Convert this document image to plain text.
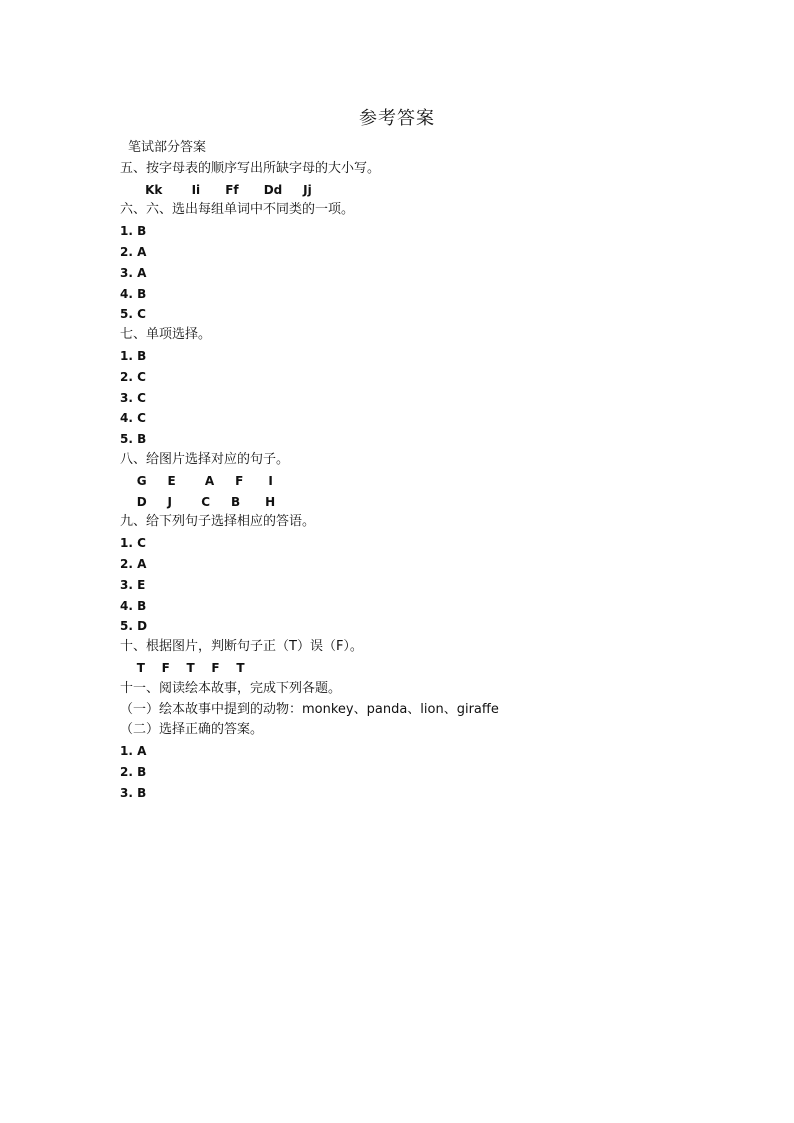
参考答案
笔试部分答案
五、按字母表的顺序写出所缺字母的大小写。
Kk       Ii      Ff      Dd     Jj
六、六、选出每组单词中不同类的一项。
1. B
2. A
3. A
4. B
5. C
七、单项选择。
1. B
2. C
3. C
4. C
5. B
八、给图片选择对应的句子。
G     E       A     F      I
D     J       C     B      H
九、给下列句子选择相应的答语。
1. C
2. A
3. E
4. B
5. D
十、根据图片，判断句子正（T）误（F）。
T    F    T    F    T
十一、阅读绘本故事，完成下列各题。
（一）绘本故事中提到的动物：monkey、panda、lion、giraffe
（二）选择正确的答案。
1. A
2. B
3. B
